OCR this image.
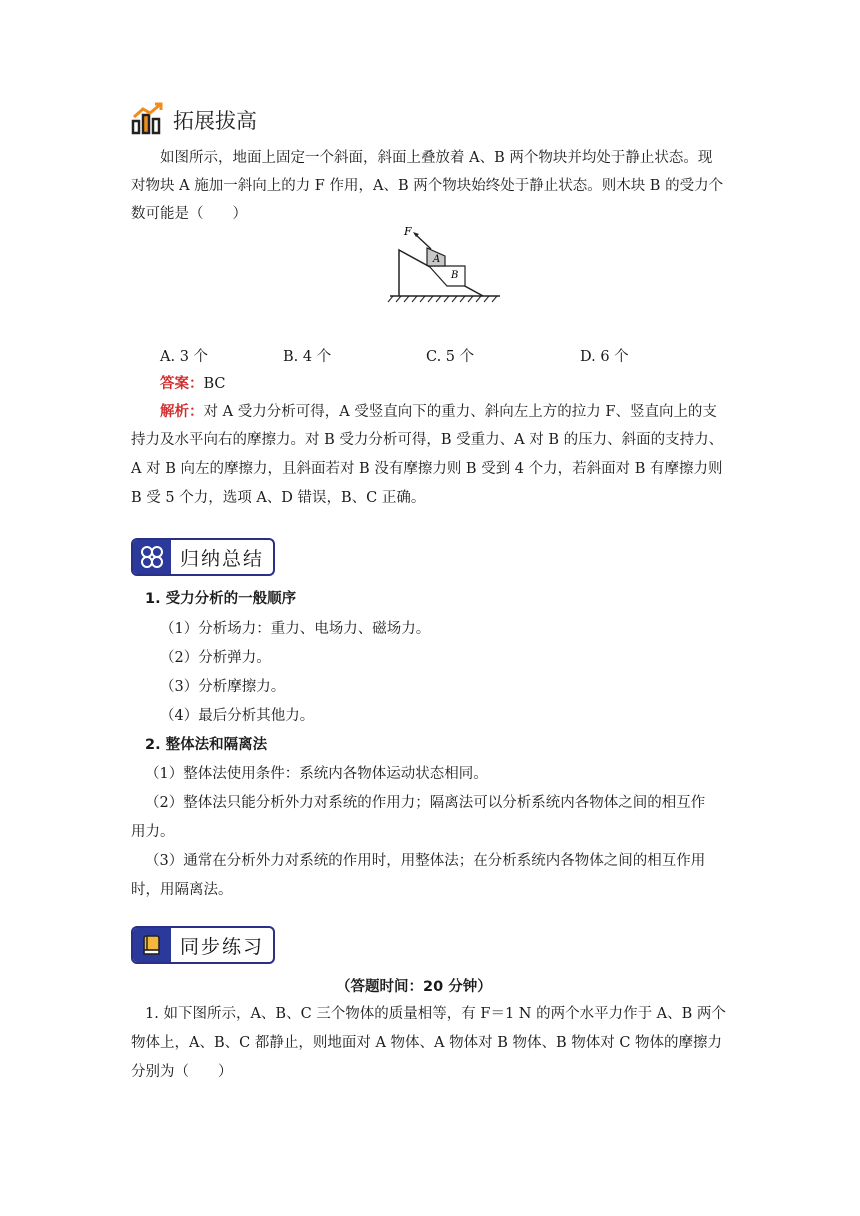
拓展拔高
如图所示，地面上固定一个斜面，斜面上叠放着 A、B 两个物块并均处于静止状态。现
对物块 A 施加一斜向上的力 F 作用，A、B 两个物块始终处于静止状态。则木块 B 的受力个
数可能是（　　）
F
A
B
A. 3 个	B. 4 个	C. 5 个	D. 6 个
答案：BC
解析：对 A 受力分析可得，A 受竖直向下的重力、斜向左上方的拉力 F、竖直向上的支
持力及水平向右的摩擦力。对 B 受力分析可得，B 受重力、A 对 B 的压力、斜面的支持力、
A 对 B 向左的摩擦力，且斜面若对 B 没有摩擦力则 B 受到 4 个力，若斜面对 B 有摩擦力则
B 受 5 个力，选项 A、D 错误，B、C 正确。
归纳总结
1. 受力分析的一般顺序
（1）分析场力：重力、电场力、磁场力。
（2）分析弹力。
（3）分析摩擦力。
（4）最后分析其他力。
2. 整体法和隔离法
（1）整体法使用条件：系统内各物体运动状态相同。
（2）整体法只能分析外力对系统的作用力；隔离法可以分析系统内各物体之间的相互作
用力。
（3）通常在分析外力对系统的作用时，用整体法；在分析系统内各物体之间的相互作用
时，用隔离法。
同步练习
（答题时间：20 分钟）
1. 如下图所示，A、B、C 三个物体的质量相等，有 F＝1 N 的两个水平力作于 A、B 两个
物体上，A、B、C 都静止，则地面对 A 物体、A 物体对 B 物体、B 物体对 C 物体的摩擦力
分别为（　　）
